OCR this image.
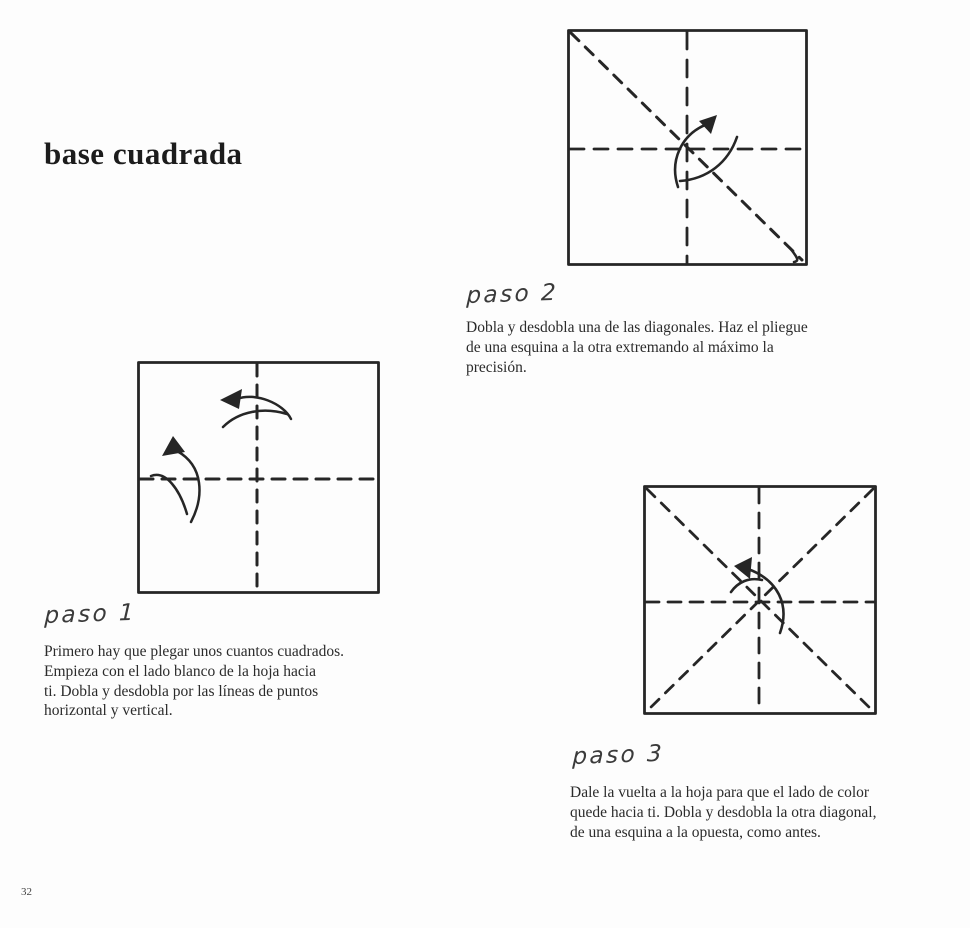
base cuadrada
paso 2
Dobla y desdobla una de las diagonales. Haz el pliegue
de una esquina a la otra extremando al máximo la
precisión.
paso 1
Primero hay que plegar unos cuantos cuadrados.
Empieza con el lado blanco de la hoja hacia
ti. Dobla y desdobla por las líneas de puntos
horizontal y vertical.
paso 3
Dale la vuelta a la hoja para que el lado de color
quede hacia ti. Dobla y desdobla la otra diagonal,
de una esquina a la opuesta, como antes.
32
